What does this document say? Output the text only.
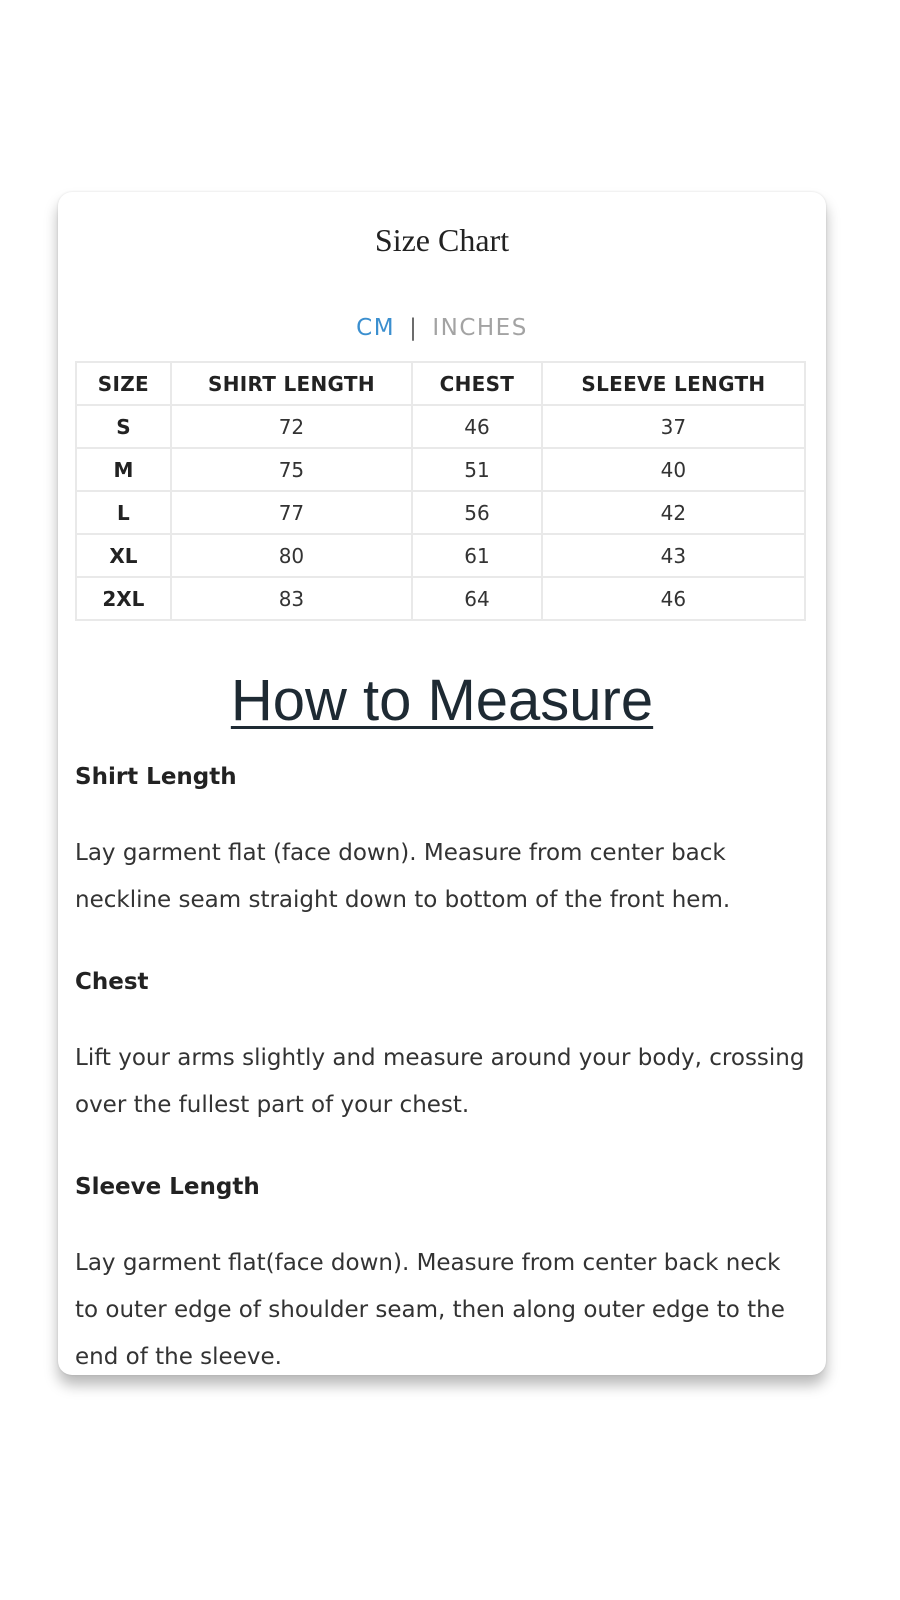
Size Chart
CM | INCHES
SIZE	SHIRT LENGTH	CHEST	SLEEVE LENGTH
S	72	46	37
M	75	51	40
L	77	56	42
XL	80	61	43
2XL	83	64	46
How to Measure
Shirt Length

Lay garment flat (face down). Measure from center back neckline seam straight down to bottom of the front hem.

Chest

Lift your arms slightly and measure around your body, crossing over the fullest part of your chest.

Sleeve Length

Lay garment flat(face down). Measure from center back neck to outer edge of shoulder seam, then along outer edge to the end of the sleeve.
